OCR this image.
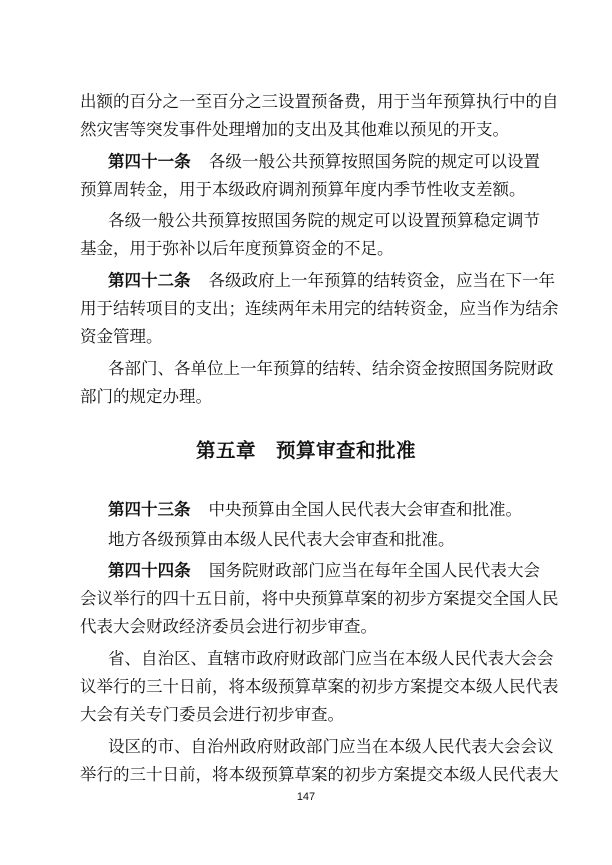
出额的百分之一至百分之三设置预备费，用于当年预算执行中的自
然灾害等突发事件处理增加的支出及其他难以预见的开支。
第四十一条 各级一般公共预算按照国务院的规定可以设置
预算周转金，用于本级政府调剂预算年度内季节性收支差额。
各级一般公共预算按照国务院的规定可以设置预算稳定调节
基金，用于弥补以后年度预算资金的不足。
第四十二条 各级政府上一年预算的结转资金，应当在下一年
用于结转项目的支出；连续两年未用完的结转资金，应当作为结余
资金管理。
各部门、各单位上一年预算的结转、结余资金按照国务院财政
部门的规定办理。
第五章　预算审查和批准
第四十三条 中央预算由全国人民代表大会审查和批准。
地方各级预算由本级人民代表大会审查和批准。
第四十四条 国务院财政部门应当在每年全国人民代表大会
会议举行的四十五日前，将中央预算草案的初步方案提交全国人民
代表大会财政经济委员会进行初步审查。
省、自治区、直辖市政府财政部门应当在本级人民代表大会会
议举行的三十日前，将本级预算草案的初步方案提交本级人民代表
大会有关专门委员会进行初步审查。
设区的市、自治州政府财政部门应当在本级人民代表大会会议
举行的三十日前，将本级预算草案的初步方案提交本级人民代表大
147
